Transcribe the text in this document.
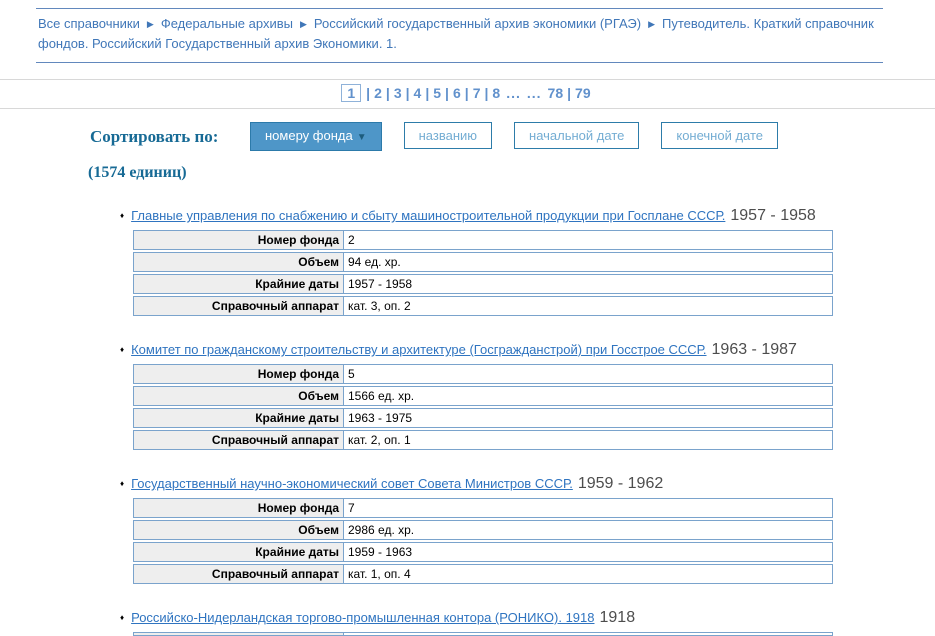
Все справочники ▶ Федеральные архивы ▶ Российский государственный архив экономики (РГАЭ) ▶ Путеводитель. Краткий справочник фондов. Российский Государственный архив Экономики. 1.
1 | 2 | 3 | 4 | 5 | 6 | 7 | 8 ... ... 78 | 79
Сортировать по:	номеру фонда ▼	названию	начальной дате	конечной дате
(1574 единиц)
♦ Главные управления по снабжению и сбыту машиностроительной продукции при Госплане СССР. 1957 - 1958
Номер фонда 2
Объем 94 ед. хр.
Крайние даты 1957 - 1958
Справочный аппарат кат. 3, оп. 2
♦ Комитет по гражданскому строительству и архитектуре (Госгражданстрой) при Госстрое СССР. 1963 - 1987
Номер фонда 5
Объем 1566 ед. хр.
Крайние даты 1963 - 1975
Справочный аппарат кат. 2, оп. 1
♦ Государственный научно-экономический совет Совета Министров СССР. 1959 - 1962
Номер фонда 7
Объем 2986 ед. хр.
Крайние даты 1959 - 1963
Справочный аппарат кат. 1, оп. 4
♦ Российско-Нидерландская торгово-промышленная контора (РОНИКО). 1918 1918
